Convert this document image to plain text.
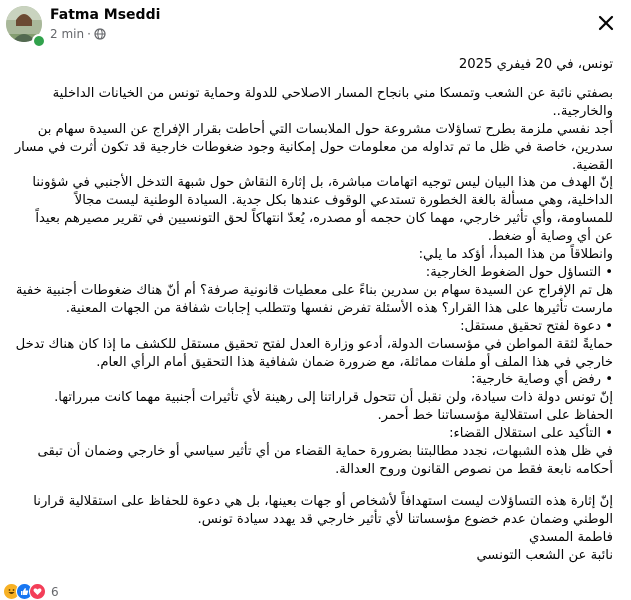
Fatma Mseddi
2 min ·

تونس، في 20 فيفري 2025

بصفتي نائبة عن الشعب وتمسكا مني بانجاح المسار الاصلاحي للدولة وحماية تونس من الخيانات الداخلية والخارجية..

أجد نفسي ملزمة بطرح تساؤلات مشروعة حول الملابسات التي أحاطت بقرار الإفراج عن السيدة سهام بن سدرين، خاصة في ظل ما تم تداوله من معلومات حول إمكانية وجود ضغوطات خارجية قد تكون أثرت في مسار القضية.

إنّ الهدف من هذا البيان ليس توجيه اتهامات مباشرة، بل إثارة النقاش حول شبهة التدخل الأجنبي في شؤوننا الداخلية، وهي مسألة بالغة الخطورة تستدعي الوقوف عندها بكل جدية. السيادة الوطنية ليست مجالاً للمساومة، وأي تأثير خارجي، مهما كان حجمه أو مصدره، يُعدّ انتهاكاً لحق التونسيين في تقرير مصيرهم بعيداً عن أي وصاية أو ضغط.

وانطلاقاً من هذا المبدأ، أؤكد ما يلي:

• التساؤل حول الضغوط الخارجية:

هل تم الإفراج عن السيدة سهام بن سدرين بناءً على معطيات قانونية صرفة؟ أم أنّ هناك ضغوطات أجنبية خفية مارست تأثيرها على هذا القرار؟ هذه الأسئلة تفرض نفسها وتتطلب إجابات شفافة من الجهات المعنية.

• دعوة لفتح تحقيق مستقل:

حمايةً لثقة المواطن في مؤسسات الدولة، أدعو وزارة العدل لفتح تحقيق مستقل للكشف ما إذا كان هناك تدخل خارجي في هذا الملف أو ملفات مماثلة، مع ضرورة ضمان شفافية هذا التحقيق أمام الرأي العام.

• رفض أي وصاية خارجية:

إنّ تونس دولة ذات سيادة، ولن نقبل أن تتحول قراراتنا إلى رهينة لأي تأثيرات أجنبية مهما كانت مبرراتها. الحفاظ على استقلالية مؤسساتنا خط أحمر.

• التأكيد على استقلال القضاء:

في ظل هذه الشبهات، نجدد مطالبتنا بضرورة حماية القضاء من أي تأثير سياسي أو خارجي وضمان أن تبقى أحكامه نابعة فقط من نصوص القانون وروح العدالة.

إنّ إثارة هذه التساؤلات ليست استهدافاً لأشخاص أو جهات بعينها، بل هي دعوة للحفاظ على استقلالية قرارنا الوطني وضمان عدم خضوع مؤسساتنا لأي تأثير خارجي قد يهدد سيادة تونس.

فاطمة المسدي

نائبة عن الشعب التونسي

6
